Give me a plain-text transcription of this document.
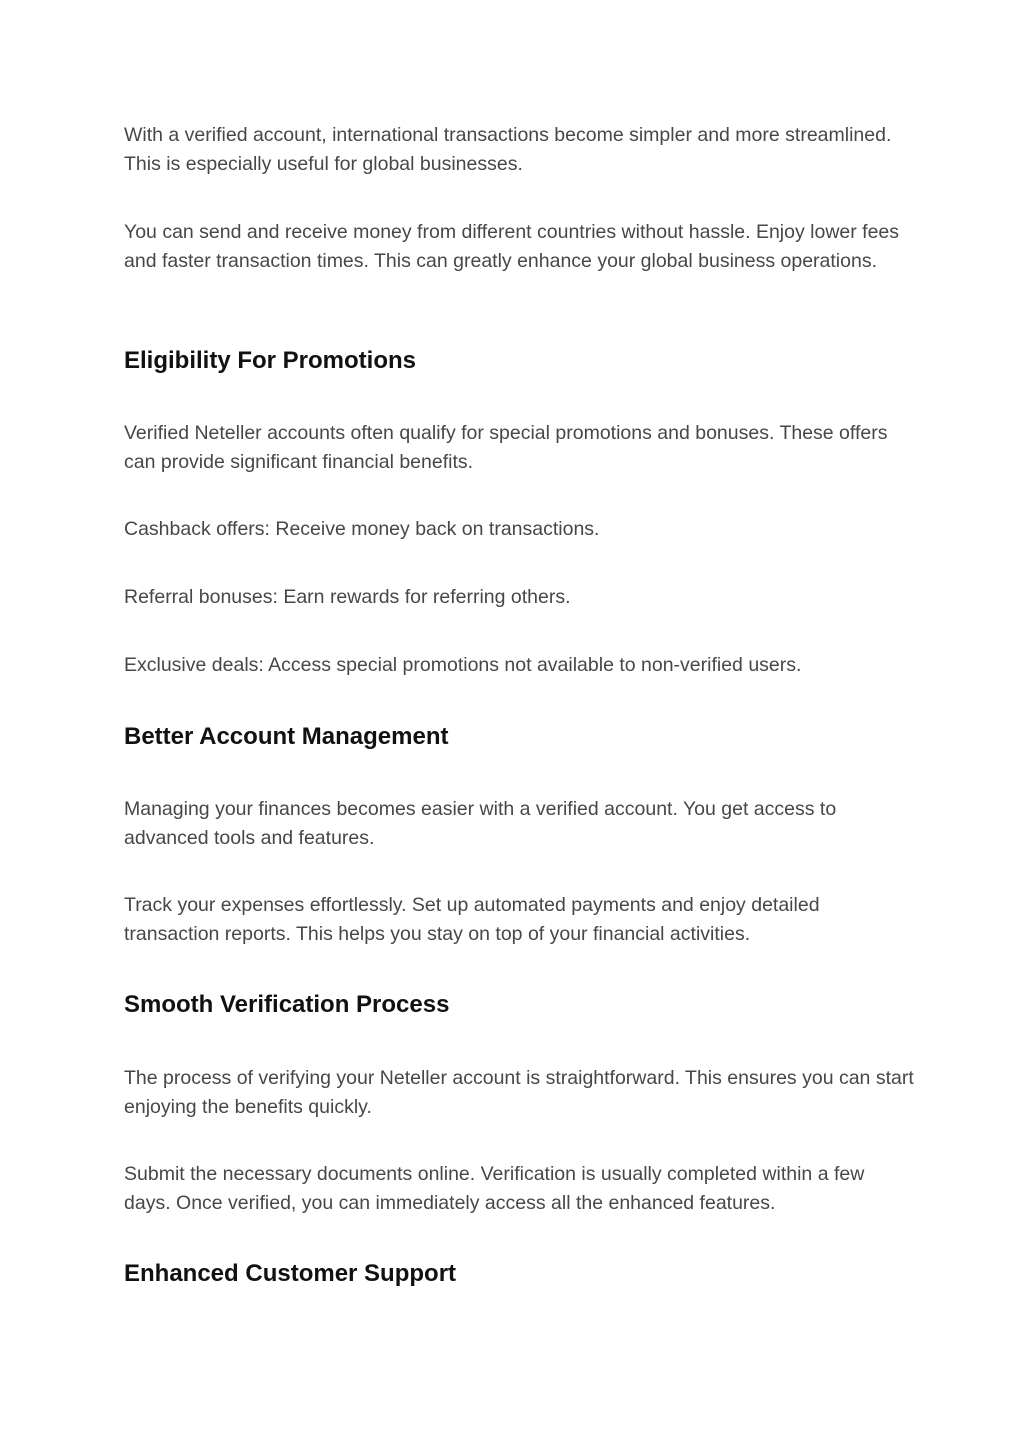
With a verified account, international transactions become simpler and more streamlined. This is especially useful for global businesses.

You can send and receive money from different countries without hassle. Enjoy lower fees and faster transaction times. This can greatly enhance your global business operations.

Eligibility For Promotions

Verified Neteller accounts often qualify for special promotions and bonuses. These offers can provide significant financial benefits.

Cashback offers: Receive money back on transactions.

Referral bonuses: Earn rewards for referring others.

Exclusive deals: Access special promotions not available to non-verified users.

Better Account Management

Managing your finances becomes easier with a verified account. You get access to advanced tools and features.

Track your expenses effortlessly. Set up automated payments and enjoy detailed transaction reports. This helps you stay on top of your financial activities.

Smooth Verification Process

The process of verifying your Neteller account is straightforward. This ensures you can start enjoying the benefits quickly.

Submit the necessary documents online. Verification is usually completed within a few days. Once verified, you can immediately access all the enhanced features.

Enhanced Customer Support
